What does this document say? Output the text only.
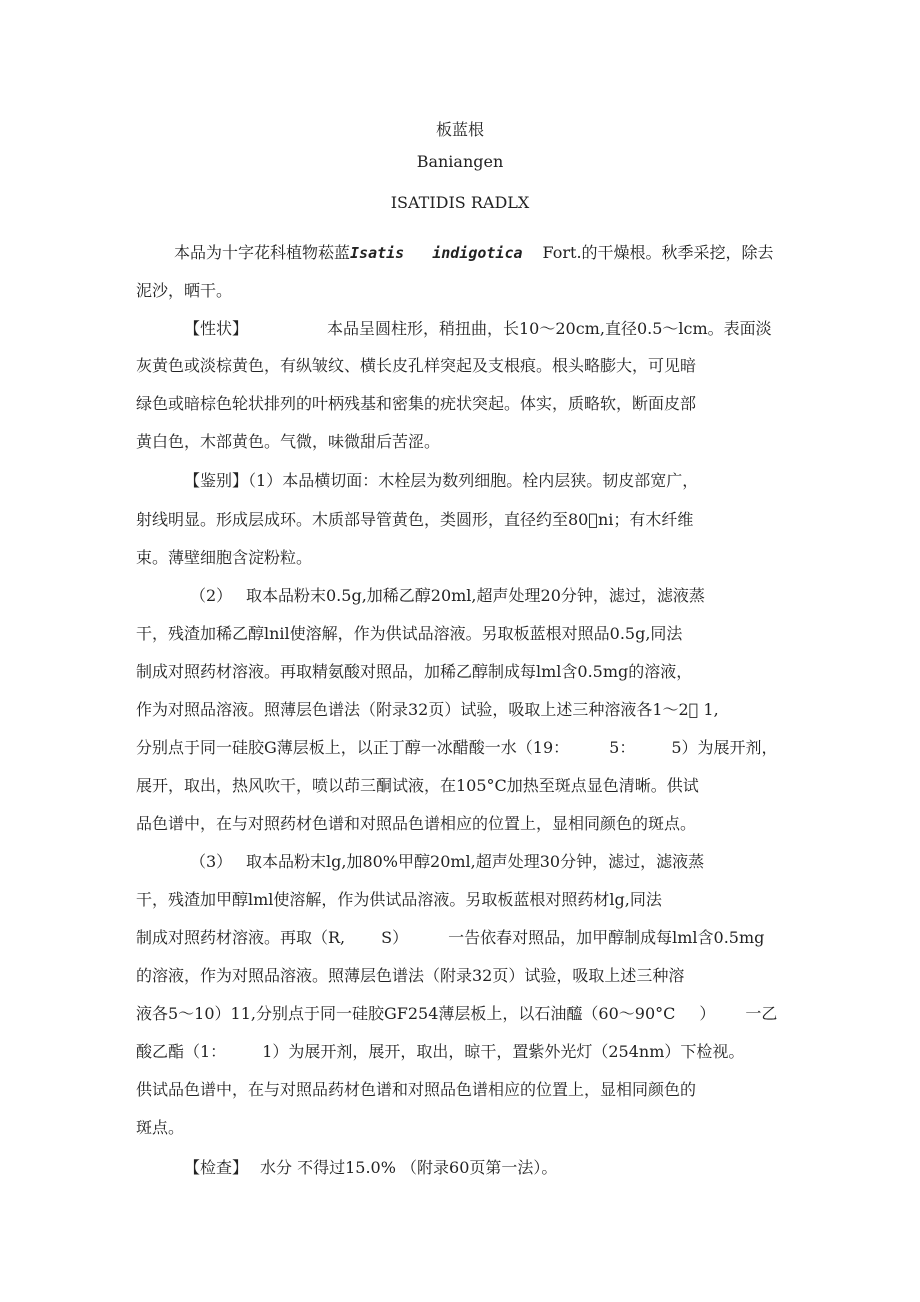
板蓝根
Baniangen
ISATIDIS RADLX
本品为十字花科植物菘蓝Isatis indigotica Fort.的干燥根。秋季采挖，除去
泥沙，晒干。
【性状】	本品呈圆柱形，稍扭曲，长10～20cm,直径0.5～lcm。表面淡
灰黄色或淡棕黄色，有纵皱纹、横长皮孔样突起及支根痕。根头略膨大，可见暗
绿色或暗棕色轮状排列的叶柄残基和密集的疣状突起。体实，质略软，断面皮部
黄白色，木部黄色。气微，味微甜后苦涩。
【鉴别】（1）本品横切面：木栓层为数列细胞。栓内层狭。韧皮部宽广，
射线明显。形成层成环。木质部导管黄色，类圆形，直径约至80 ni；有木纤维
束。薄壁细胞含淀粉粒。
（2） 取本品粉末0.5g,加稀乙醇20ml,超声处理20分钟，滤过，滤液蒸
干，残渣加稀乙醇lnil使溶解，作为供试品溶液。另取板蓝根对照品0.5g,同法
制成对照药材溶液。再取精氨酸对照品，加稀乙醇制成每lml含0.5mg的溶液，
作为对照品溶液。照薄层色谱法（附录32页）试验，吸取上述三种溶液各1～2  1,
分别点于同一硅胶G薄层板上，以正丁醇一冰醋酸一水（19：	5： 5）为展开剂，
展开，取出，热风吹干，喷以茚三酮试液，在105°C加热至斑点显色清晰。供试
品色谱中，在与对照药材色谱和对照品色谱相应的位置上，显相同颜色的斑点。
（3） 取本品粉末lg,加80%甲醇20ml,超声处理30分钟，滤过，滤液蒸
干，残渣加甲醇lml使溶解，作为供试品溶液。另取板蓝根对照药材lg,同法
制成对照药材溶液。再取（R, S）	一告依春对照品，加甲醇制成每lml含0.5mg
的溶液，作为对照品溶液。照薄层色谱法（附录32页）试验，吸取上述三种溶
液各5～10）11,分别点于同一硅胶GF254薄层板上，以石油醯（60～90°C ） 一乙
酸乙酯（1： 1）为展开剂，展开，取出，晾干，置紫外光灯（254nm）下检视。
供试品色谱中，在与对照品药材色谱和对照品色谱相应的位置上，显相同颜色的
斑点。
【检查】 水分 不得过15.0% （附录60页第一法）。
